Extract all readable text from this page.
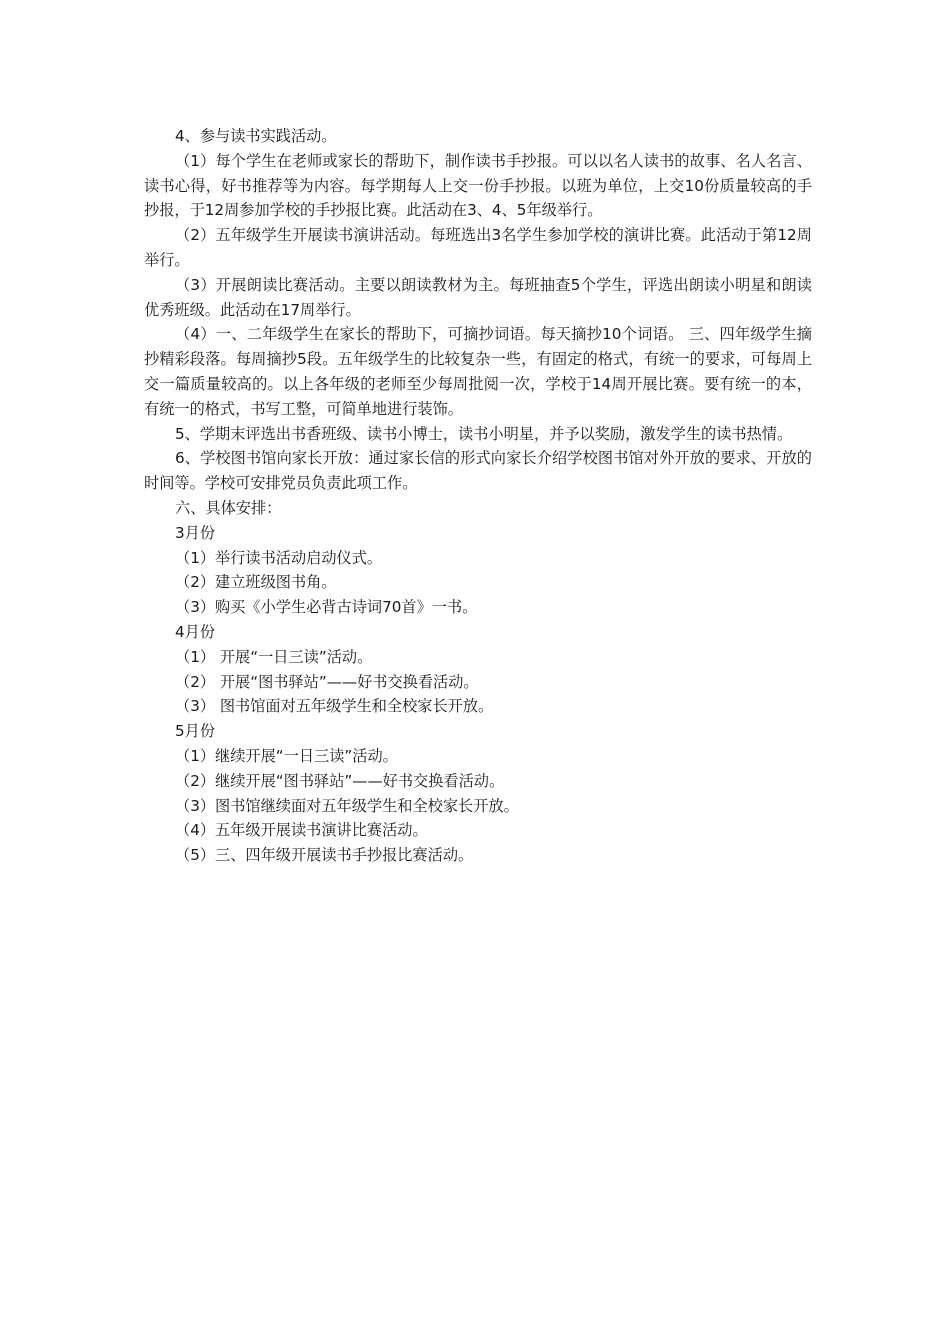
4、参与读书实践活动。

（1）每个学生在老师或家长的帮助下，制作读书手抄报。可以以名人读书的故事、名人名言、读书心得，好书推荐等为内容。每学期每人上交一份手抄报。以班为单位，上交10份质量较高的手抄报，于12周参加学校的手抄报比赛。此活动在3、4、5年级举行。

（2）五年级学生开展读书演讲活动。每班选出3名学生参加学校的演讲比赛。此活动于第12周举行。

（3）开展朗读比赛活动。主要以朗读教材为主。每班抽查5个学生，评选出朗读小明星和朗读优秀班级。此活动在17周举行。

（4）一、二年级学生在家长的帮助下，可摘抄词语。每天摘抄10个词语。 三、四年级学生摘抄精彩段落。每周摘抄5段。五年级学生的比较复杂一些，有固定的格式，有统一的要求，可每周上交一篇质量较高的。以上各年级的老师至少每周批阅一次，学校于14周开展比赛。要有统一的本，有统一的格式，书写工整，可简单地进行装饰。

5、学期末评选出书香班级、读书小博士，读书小明星，并予以奖励，激发学生的读书热情。

6、学校图书馆向家长开放：通过家长信的形式向家长介绍学校图书馆对外开放的要求、开放的时间等。学校可安排党员负责此项工作。

六、具体安排：

3月份

（1）举行读书活动启动仪式。

（2）建立班级图书角。

（3）购买《小学生必背古诗词70首》一书。

4月份

（1） 开展“一日三读”活动。

（2） 开展“图书驿站”——好书交换看活动。

（3） 图书馆面对五年级学生和全校家长开放。

5月份

（1）继续开展“一日三读”活动。

（2）继续开展“图书驿站”——好书交换看活动。

（3）图书馆继续面对五年级学生和全校家长开放。

（4）五年级开展读书演讲比赛活动。

（5）三、四年级开展读书手抄报比赛活动。
